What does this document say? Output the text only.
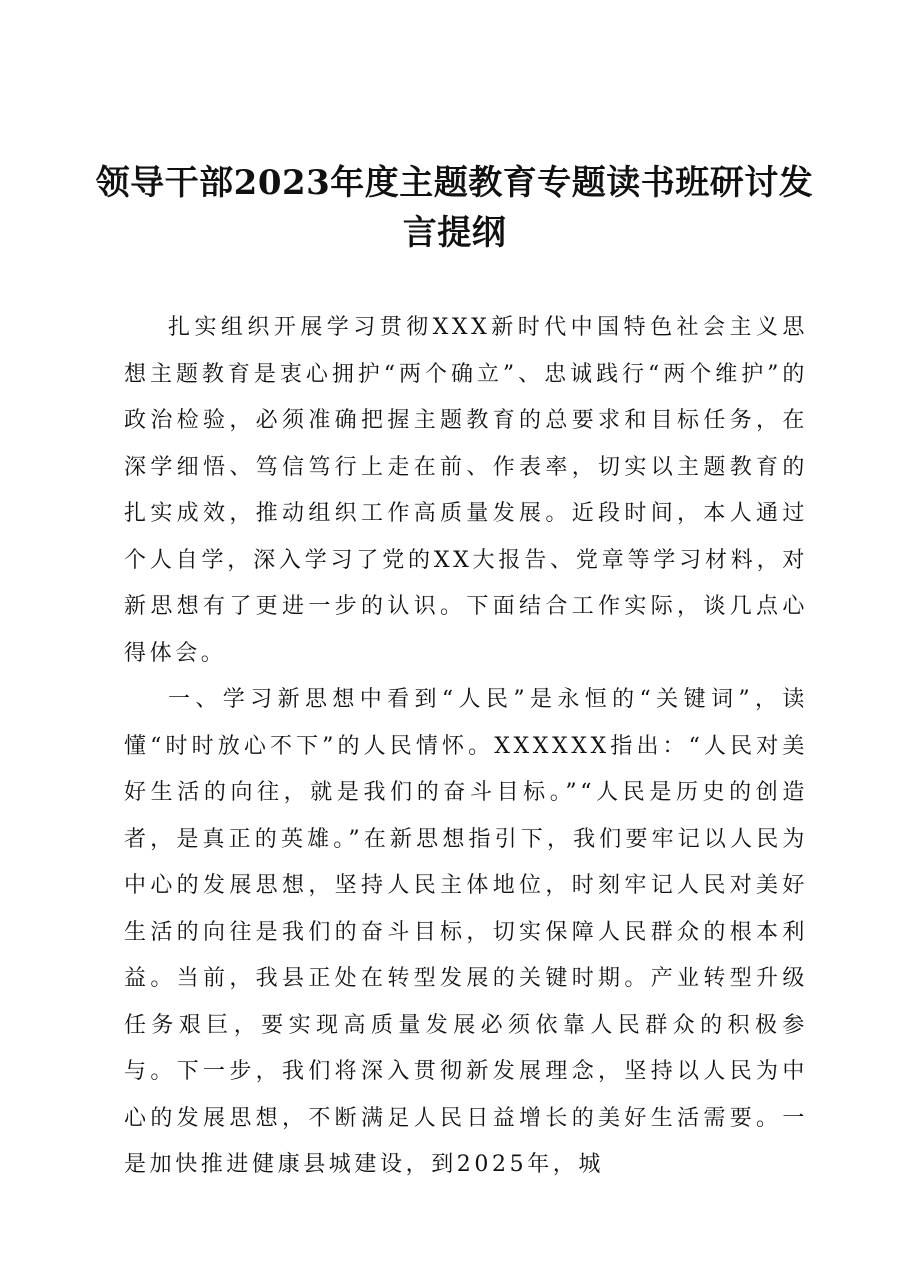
领导干部2023年度主题教育专题读书班研讨发言提纲

扎实组织开展学习贯彻XXX新时代中国特色社会主义思想主题教育是衷心拥护“两个确立”、忠诚践行“两个维护”的政治检验，必须准确把握主题教育的总要求和目标任务，在深学细悟、笃信笃行上走在前、作表率，切实以主题教育的扎实成效，推动组织工作高质量发展。近段时间，本人通过个人自学，深入学习了党的XX大报告、党章等学习材料，对新思想有了更进一步的认识。下面结合工作实际，谈几点心得体会。

一、学习新思想中看到“人民”是永恒的“关键词”，读懂“时时放心不下”的人民情怀。XXXXXX指出：“人民对美好生活的向往，就是我们的奋斗目标。”“人民是历史的创造者，是真正的英雄。”在新思想指引下，我们要牢记以人民为中心的发展思想，坚持人民主体地位，时刻牢记人民对美好生活的向往是我们的奋斗目标，切实保障人民群众的根本利益。当前，我县正处在转型发展的关键时期。产业转型升级任务艰巨，要实现高质量发展必须依靠人民群众的积极参与。下一步，我们将深入贯彻新发展理念，坚持以人民为中心的发展思想，不断满足人民日益增长的美好生活需要。一是加快推进健康县城建设，到2025年，城
